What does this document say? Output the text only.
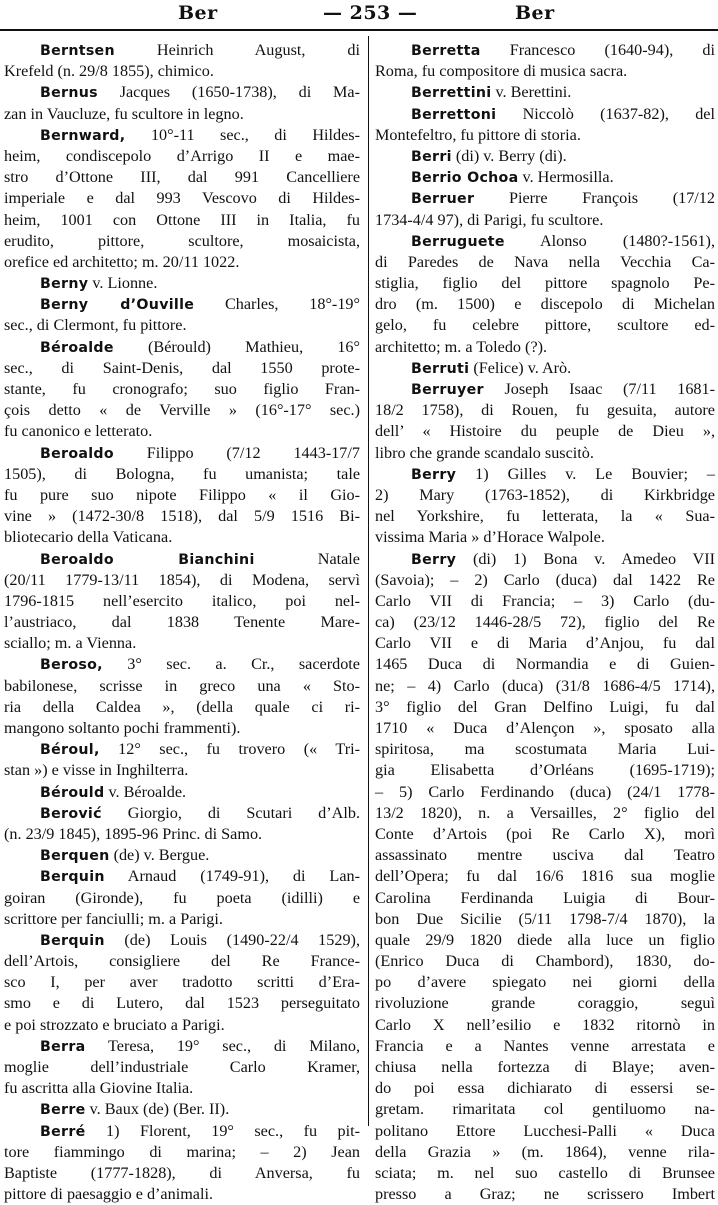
Ber	— 253 —	Ber
Berntsen Heinrich August, di
Krefeld (n. 29/8 1855), chimico.
Bernus Jacques (1650-1738), di Ma-
zan in Vaucluze, fu scultore in legno.
Bernward, 10°-11 sec., di Hildes-
heim, condiscepolo d’Arrigo II e mae-
stro d’Ottone III, dal 991 Cancelliere
imperiale e dal 993 Vescovo di Hildes-
heim, 1001 con Ottone III in Italia, fu
erudito, pittore, scultore, mosaicista,
orefice ed architetto; m. 20/11 1022.
Berny v. Lionne.
Berny d’Ouville Charles, 18°-19°
sec., di Clermont, fu pittore.
Béroalde (Bérould) Mathieu, 16°
sec., di Saint-Denis, dal 1550 prote-
stante, fu cronografo; suo figlio Fran-
çois detto « de Verville » (16°-17° sec.)
fu canonico e letterato.
Beroaldo Filippo (7/12 1443-17/7
1505), di Bologna, fu umanista; tale
fu pure suo nipote Filippo « il Gio-
vine » (1472-30/8 1518), dal 5/9 1516 Bi-
bliotecario della Vaticana.
Beroaldo Bianchini Natale
(20/11 1779-13/11 1854), di Modena, servì
1796-1815 nell’esercito italico, poi nel-
l’austriaco, dal 1838 Tenente Mare-
sciallo; m. a Vienna.
Beroso, 3° sec. a. Cr., sacerdote
babilonese, scrisse in greco una « Sto-
ria della Caldea », (della quale ci ri-
mangono soltanto pochi frammenti).
Béroul, 12° sec., fu trovero (« Tri-
stan ») e visse in Inghilterra.
Bérould v. Béroalde.
Berović Giorgio, di Scutari d’Alb.
(n. 23/9 1845), 1895-96 Princ. di Samo.
Berquen (de) v. Bergue.
Berquin Arnaud (1749-91), di Lan-
goiran (Gironde), fu poeta (idilli) e
scrittore per fanciulli; m. a Parigi.
Berquin (de) Louis (1490-22/4 1529),
dell’Artois, consigliere del Re France-
sco I, per aver tradotto scritti d’Era-
smo e di Lutero, dal 1523 perseguitato
e poi strozzato e bruciato a Parigi.
Berra Teresa, 19° sec., di Milano,
moglie dell’industriale Carlo Kramer,
fu ascritta alla Giovine Italia.
Berre v. Baux (de) (Ber. II).
Berré 1) Florent, 19° sec., fu pit-
tore fiammingo di marina; – 2) Jean
Baptiste (1777-1828), di Anversa, fu
pittore di paesaggio e d’animali.
Berretta Francesco (1640-94), di
Roma, fu compositore di musica sacra.
Berrettini v. Berettini.
Berrettoni Niccolò (1637-82), del
Montefeltro, fu pittore di storia.
Berri (di) v. Berry (di).
Berrio Ochoa v. Hermosilla.
Berruer Pierre François (17/12
1734-4/4 97), di Parigi, fu scultore.
Berruguete Alonso (1480?-1561),
di Paredes de Nava nella Vecchia Ca-
stiglia, figlio del pittore spagnolo Pe-
dro (m. 1500) e discepolo di Michelan
gelo, fu celebre pittore, scultore ed-
architetto; m. a Toledo (?).
Berruti (Felice) v. Arò.
Berruyer Joseph Isaac (7/11 1681-
18/2 1758), di Rouen, fu gesuita, autore
dell’ « Histoire du peuple de Dieu »,
libro che grande scandalo suscitò.
Berry 1) Gilles v. Le Bouvier; –
2) Mary (1763-1852), di Kirkbridge
nel Yorkshire, fu letterata, la « Sua-
vissima Maria » d’Horace Walpole.
Berry (di) 1) Bona v. Amedeo VII
(Savoia); – 2) Carlo (duca) dal 1422 Re
Carlo VII di Francia; – 3) Carlo (du-
ca) (23/12 1446-28/5 72), figlio del Re
Carlo VII e di Maria d’Anjou, fu dal
1465 Duca di Normandia e di Guien-
ne; – 4) Carlo (duca) (31/8 1686-4/5 1714),
3° figlio del Gran Delfino Luigi, fu dal
1710 « Duca d’Alençon », sposato alla
spiritosa, ma scostumata Maria Lui-
gia Elisabetta d’Orléans (1695-1719);
– 5) Carlo Ferdinando (duca) (24/1 1778-
13/2 1820), n. a Versailles, 2° figlio del
Conte d’Artois (poi Re Carlo X), morì
assassinato mentre usciva dal Teatro
dell’Opera; fu dal 16/6 1816 sua moglie
Carolina Ferdinanda Luigia di Bour-
bon Due Sicilie (5/11 1798-7/4 1870), la
quale 29/9 1820 diede alla luce un figlio
(Enrico Duca di Chambord), 1830, do-
po d’avere spiegato nei giorni della
rivoluzione grande coraggio, seguì
Carlo X nell’esilio e 1832 ritornò in
Francia e a Nantes venne arrestata e
chiusa nella fortezza di Blaye; aven-
do poi essa dichiarato di essersi se-
gretam. rimaritata col gentiluomo na-
politano Ettore Lucchesi-Palli « Duca
della Grazia » (m. 1864), venne rila-
sciata; m. nel suo castello di Brunsee
presso a Graz; ne scrissero Imbert
